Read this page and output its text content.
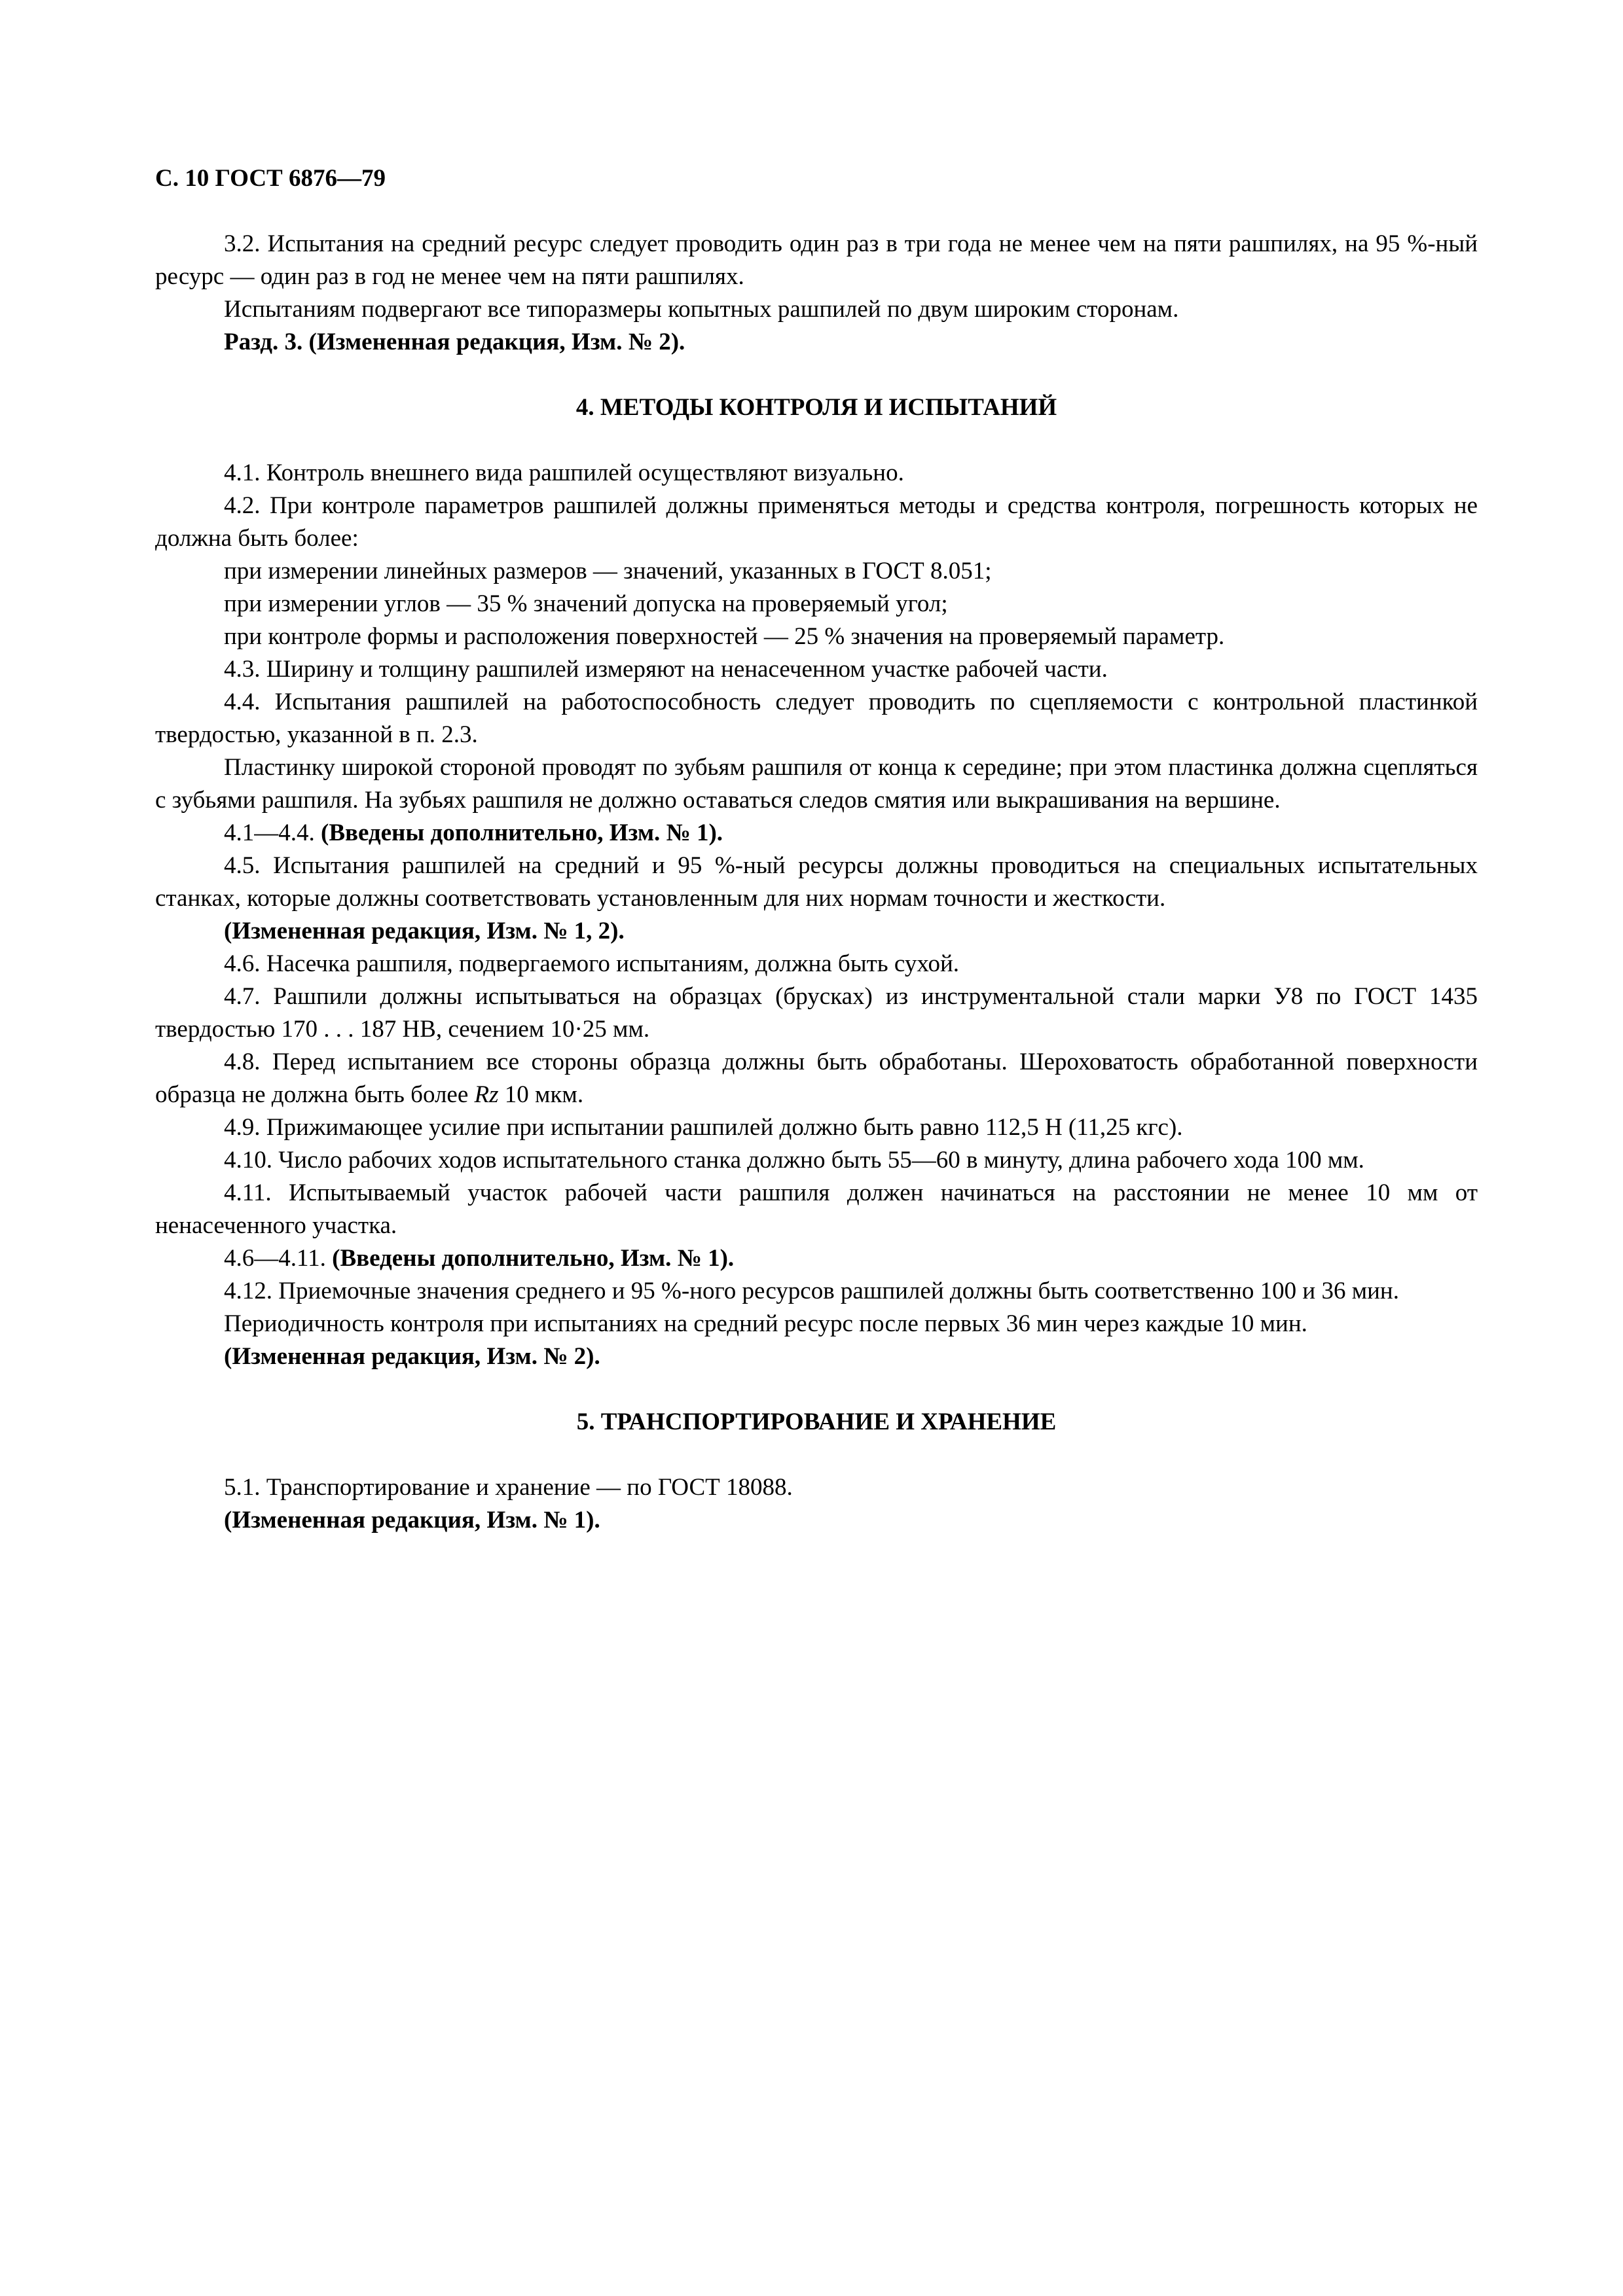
С. 10 ГОСТ 6876—79
3.2. Испытания на средний ресурс следует проводить один раз в три года не менее чем на пяти рашпилях, на 95 %-ный ресурс — один раз в год не менее чем на пяти рашпилях.
Испытаниям подвергают все типоразмеры копытных рашпилей по двум широким сторонам.
Разд. 3. (Измененная редакция, Изм. № 2).
4. МЕТОДЫ КОНТРОЛЯ И ИСПЫТАНИЙ
4.1. Контроль внешнего вида рашпилей осуществляют визуально.
4.2. При контроле параметров рашпилей должны применяться методы и средства контроля, погрешность которых не должна быть более:
при измерении линейных размеров — значений, указанных в ГОСТ 8.051;
при измерении углов — 35 % значений допуска на проверяемый угол;
при контроле формы и расположения поверхностей — 25 % значения на проверяемый параметр.
4.3. Ширину и толщину рашпилей измеряют на ненасеченном участке рабочей части.
4.4. Испытания рашпилей на работоспособность следует проводить по сцепляемости с контрольной пластинкой твердостью, указанной в п. 2.3.
Пластинку широкой стороной проводят по зубьям рашпиля от конца к середине; при этом пластинка должна сцепляться с зубьями рашпиля. На зубьях рашпиля не должно оставаться следов смятия или выкрашивания на вершине.
4.1—4.4. (Введены дополнительно, Изм. № 1).
4.5. Испытания рашпилей на средний и 95 %-ный ресурсы должны проводиться на специальных испытательных станках, которые должны соответствовать установленным для них нормам точности и жесткости.
(Измененная редакция, Изм. № 1, 2).
4.6. Насечка рашпиля, подвергаемого испытаниям, должна быть сухой.
4.7. Рашпили должны испытываться на образцах (брусках) из инструментальной стали марки У8 по ГОСТ 1435 твердостью 170 . . . 187 НВ, сечением 10·25 мм.
4.8. Перед испытанием все стороны образца должны быть обработаны. Шероховатость обработанной поверхности образца не должна быть более Rz 10 мкм.
4.9. Прижимающее усилие при испытании рашпилей должно быть равно 112,5 Н (11,25 кгс).
4.10. Число рабочих ходов испытательного станка должно быть 55—60 в минуту, длина рабочего хода 100 мм.
4.11. Испытываемый участок рабочей части рашпиля должен начинаться на расстоянии не менее 10 мм от ненасеченного участка.
4.6—4.11. (Введены дополнительно, Изм. № 1).
4.12. Приемочные значения среднего и 95 %-ного ресурсов рашпилей должны быть соответственно 100 и 36 мин.
Периодичность контроля при испытаниях на средний ресурс после первых 36 мин через каждые 10 мин.
(Измененная редакция, Изм. № 2).
5. ТРАНСПОРТИРОВАНИЕ И ХРАНЕНИЕ
5.1. Транспортирование и хранение — по ГОСТ 18088.
(Измененная редакция, Изм. № 1).
